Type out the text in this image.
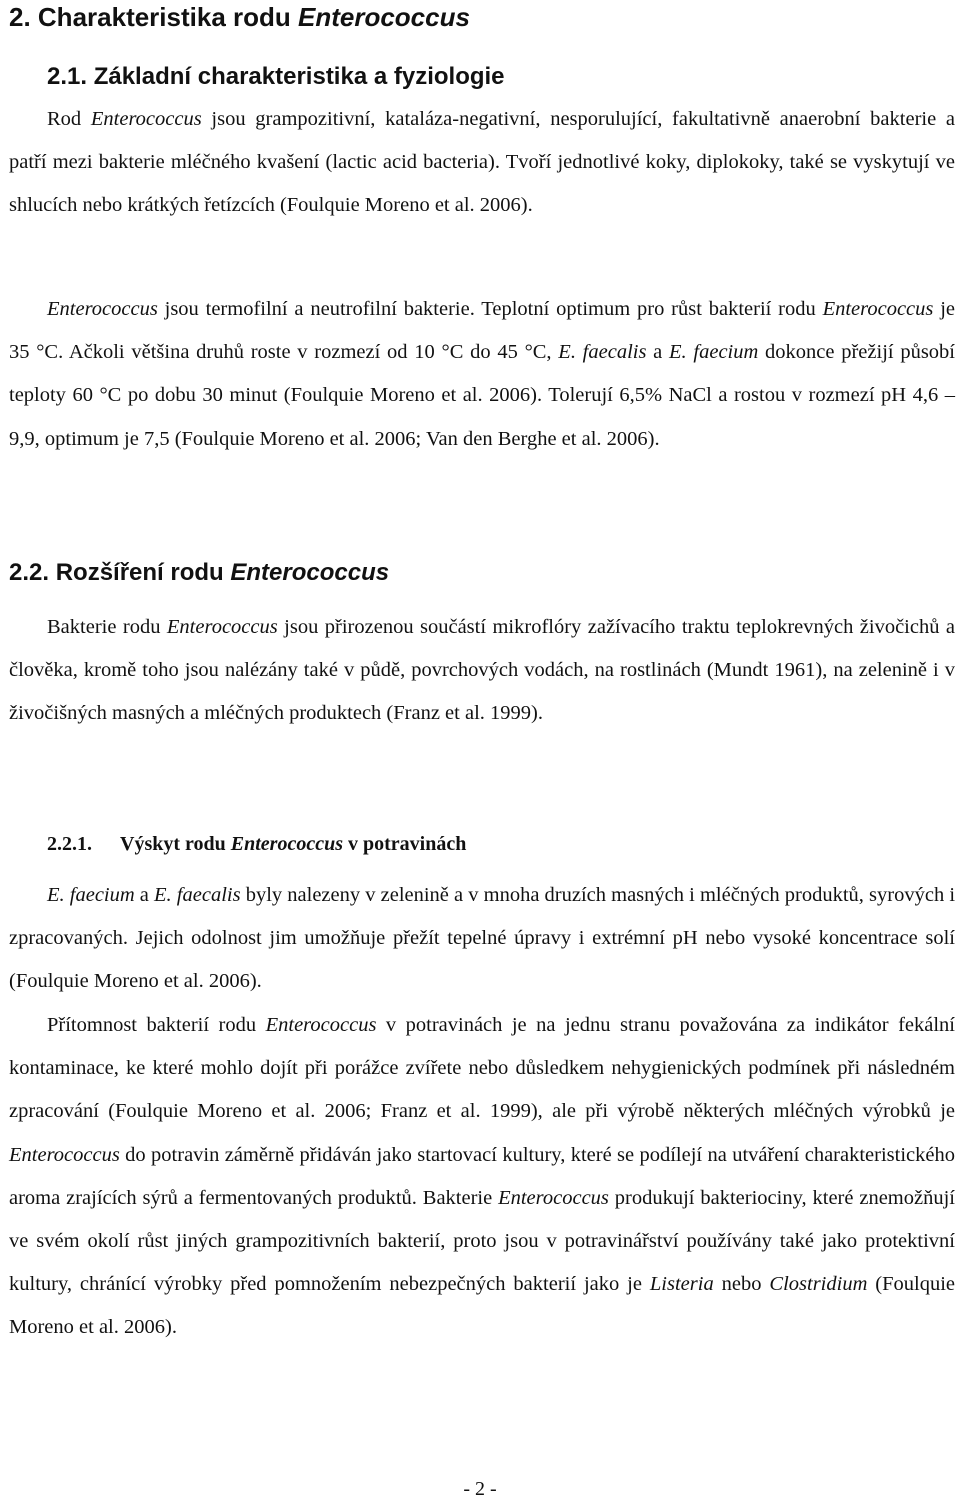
2. Charakteristika rodu Enterococcus
2.1. Základní charakteristika a fyziologie

Rod Enterococcus jsou grampozitivní, kataláza-negativní, nesporulující, fakultativně anaerobní bakterie a patří mezi bakterie mléčného kvašení (lactic acid bacteria). Tvoří jednotlivé koky, diplokoky, také se vyskytují ve shlucích nebo krátkých řetízcích (Foulquie Moreno et al. 2006).

Enterococcus jsou termofilní a neutrofilní bakterie. Teplotní optimum pro růst bakterií rodu Enterococcus je 35 °C. Ačkoli většina druhů roste v rozmezí od 10 °C do 45 °C, E. faecalis a E. faecium dokonce přežijí působí teploty 60 °C po dobu 30 minut (Foulquie Moreno et al. 2006). Tolerují 6,5% NaCl a rostou v rozmezí pH 4,6 – 9,9, optimum je 7,5 (Foulquie Moreno et al. 2006; Van den Berghe et al. 2006).

2.2. Rozšíření rodu Enterococcus

Bakterie rodu Enterococcus jsou přirozenou součástí mikroflóry zažívacího traktu teplokrevných živočichů a člověka, kromě toho jsou nalézány také v půdě, povrchových vodách, na rostlinách (Mundt 1961), na zelenině i v živočišných masných a mléčných produktech (Franz et al. 1999).

2.2.1. Výskyt rodu Enterococcus v potravinách

E. faecium a E. faecalis byly nalezeny v zelenině a v mnoha druzích masných i mléčných produktů, syrových i zpracovaných. Jejich odolnost jim umožňuje přežít tepelné úpravy i extrémní pH nebo vysoké koncentrace solí (Foulquie Moreno et al. 2006).

Přítomnost bakterií rodu Enterococcus v potravinách je na jednu stranu považována za indikátor fekální kontaminace, ke které mohlo dojít při porážce zvířete nebo důsledkem nehygienických podmínek při následném zpracování (Foulquie Moreno et al. 2006; Franz et al. 1999), ale při výrobě některých mléčných výrobků je Enterococcus do potravin záměrně přidáván jako startovací kultury, které se podílejí na utváření charakteristického aroma zrajících sýrů a fermentovaných produktů. Bakterie Enterococcus produkují bakteriociny, které znemožňují ve svém okolí růst jiných grampozitivních bakterií, proto jsou v potravinářství používány také jako protektivní kultury, chránící výrobky před pomnožením nebezpečných bakterií jako je Listeria nebo Clostridium (Foulquie Moreno et al. 2006).

- 2 -
